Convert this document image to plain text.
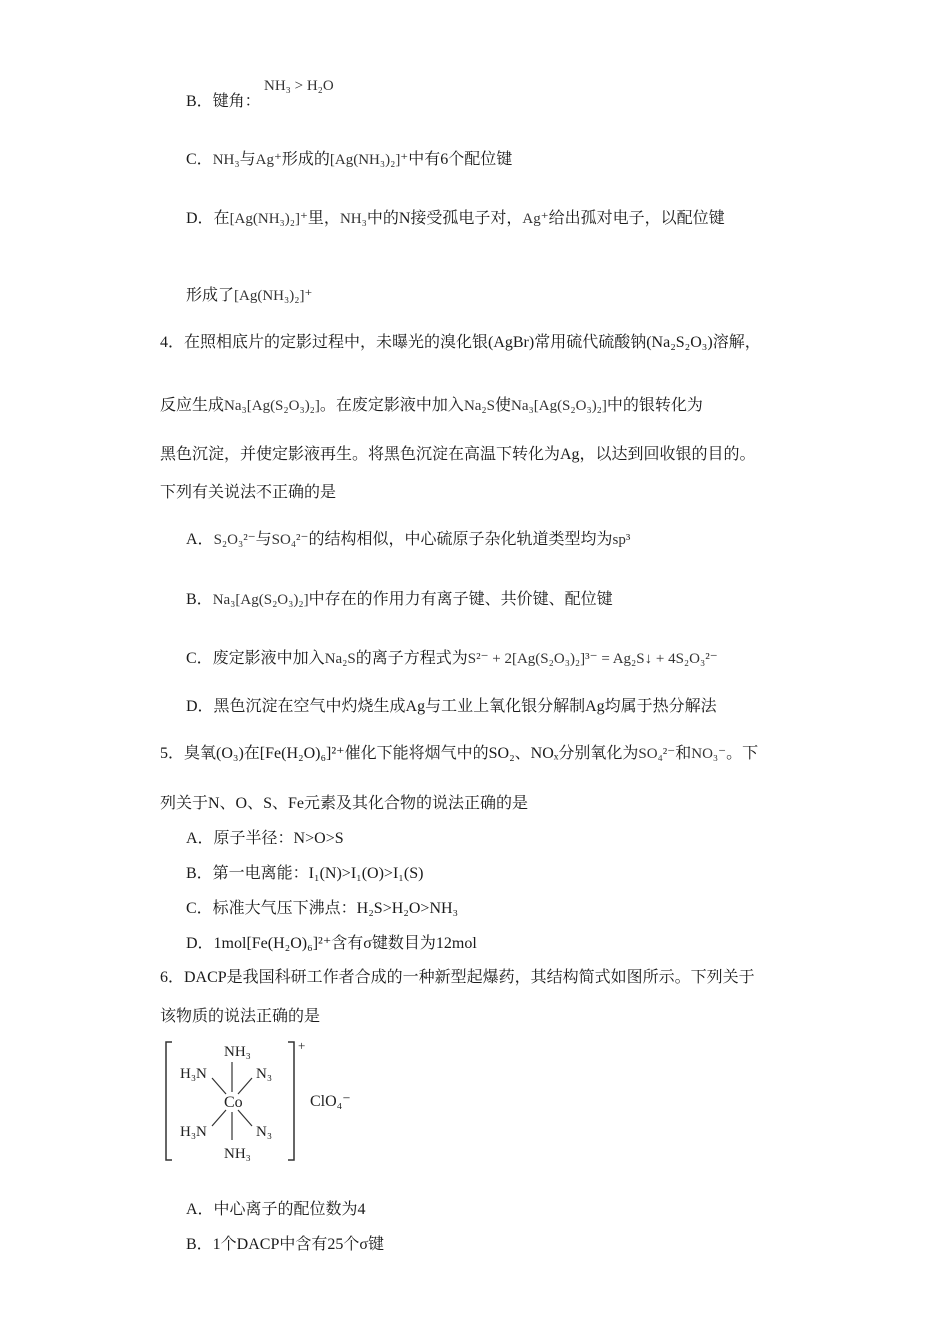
B．键角：
NH₃ > H₂O
C．NH₃与Ag⁺形成的[Ag(NH₃)₂]⁺中有6个配位键
D．在[Ag(NH₃)₂]⁺里，NH₃中的N接受孤电子对，Ag⁺给出孤对电子，以配位键
形成了[Ag(NH₃)₂]⁺
4．在照相底片的定影过程中，未曝光的溴化银(AgBr)常用硫代硫酸钠(Na₂S₂O₃)溶解，
反应生成Na₃[Ag(S₂O₃)₂]。在废定影液中加入Na₂S使Na₃[Ag(S₂O₃)₂]中的银转化为
黑色沉淀，并使定影液再生。将黑色沉淀在高温下转化为Ag，以达到回收银的目的。
下列有关说法不正确的是
A．S₂O₃²⁻与SO₄²⁻的结构相似，中心硫原子杂化轨道类型均为sp³
B．Na₃[Ag(S₂O₃)₂]中存在的作用力有离子键、共价键、配位键
C．废定影液中加入Na₂S的离子方程式为S²⁻ + 2[Ag(S₂O₃)₂]³⁻ = Ag₂S↓ + 4S₂O₃²⁻
D．黑色沉淀在空气中灼烧生成Ag与工业上氧化银分解制Ag均属于热分解法
5．臭氧(O₃)在[Fe(H₂O)₆]²⁺催化下能将烟气中的SO₂、NOₓ分别氧化为SO₄²⁻和NO₃⁻。下
列关于N、O、S、Fe元素及其化合物的说法正确的是
A．原子半径：N>O>S
B．第一电离能：I₁(N)>I₁(O)>I₁(S)
C．标准大气压下沸点：H₂S>H₂O>NH₃
D．1mol[Fe(H₂O)₆]²⁺含有σ键数目为12mol
6．DACP是我国科研工作者合成的一种新型起爆药，其结构简式如图所示。下列关于
该物质的说法正确的是
NH₃
H₃N	N₃
Co
H₃N	N₃
NH₃
+
ClO₄⁻
A．中心离子的配位数为4
B．1个DACP中含有25个σ键
